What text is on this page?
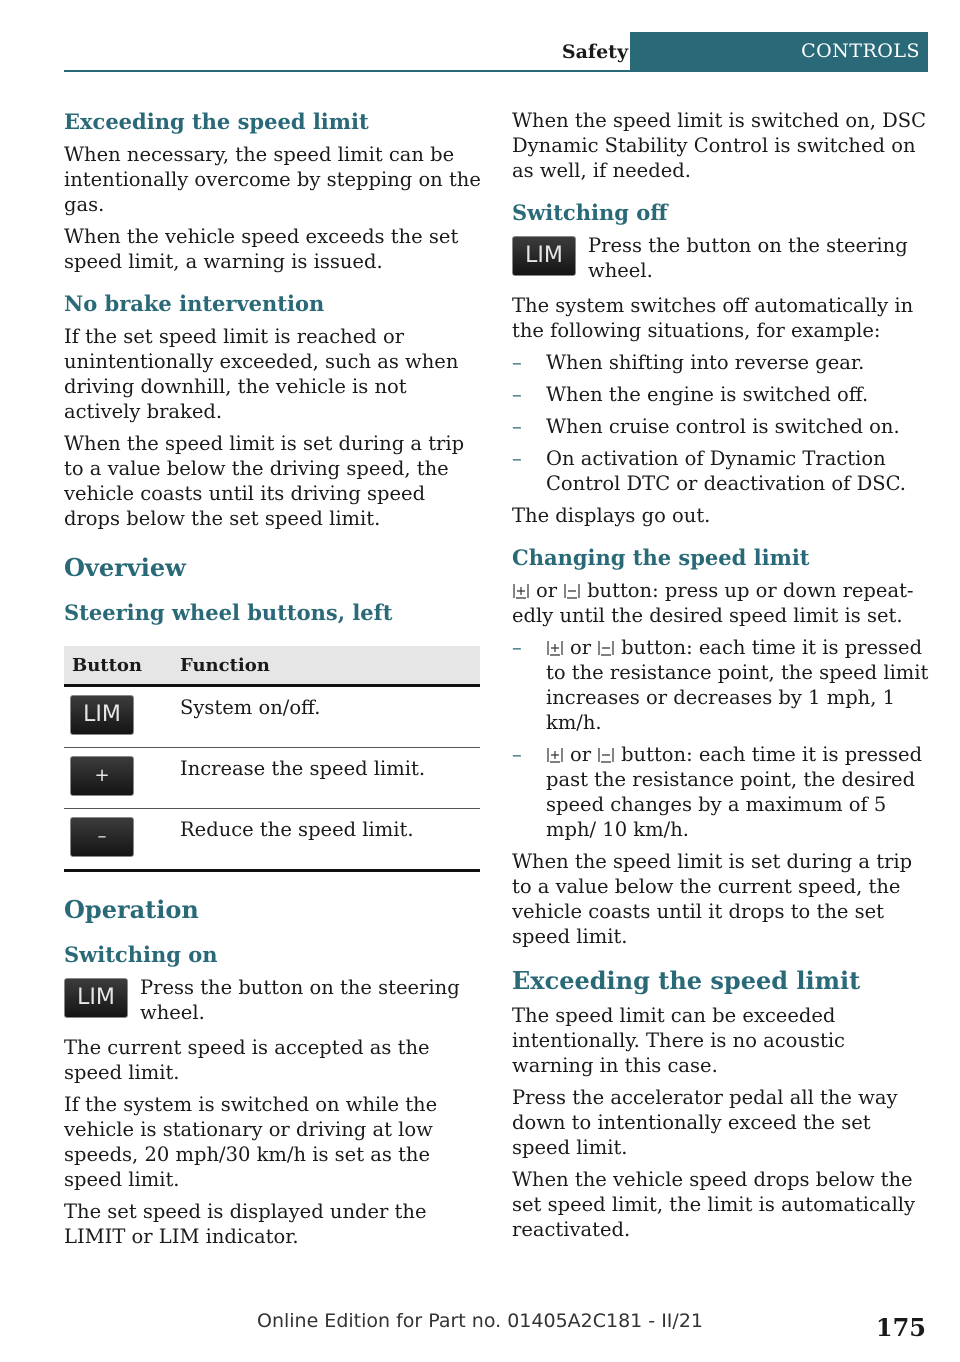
Safety	CONTROLS
Exceeding the speed limit

When necessary, the speed limit can be intentionally overcome by stepping on the gas.

When the vehicle speed exceeds the set speed limit, a warning is issued.

No brake intervention

If the set speed limit is reached or unintentionally exceeded, such as when driving downhill, the vehicle is not actively braked.

When the speed limit is set during a trip to a value below the driving speed, the vehicle coasts until its driving speed drops below the set speed limit.

Overview
Steering wheel buttons, left
Button	Function
LIM	System on/off.
+	Increase the speed limit.
–	Reduce the speed limit.
Operation
Switching on
LIM	Press the button on the steering wheel.

The current speed is accepted as the speed limit.

If the system is switched on while the vehicle is stationary or driving at low speeds, 20 mph/30 km/h is set as the speed limit.

The set speed is displayed under the LIMIT or LIM indicator.

When the speed limit is switched on, DSC Dynamic Stability Control is switched on as well, if needed.

Switching off
LIM	Press the button on the steering wheel.

The system switches off automatically in the following situations, for example:

– When shifting into reverse gear.
– When the engine is switched off.
– When cruise control is switched on.
– On activation of Dynamic Traction Control DTC or deactivation of DSC.

The displays go out.

Changing the speed limit

or button: press up or down repeatedly until the desired speed limit is set.

– or button: each time it is pressed to the resistance point, the speed limit increases or decreases by 1 mph, 1 km/h.
– or button: each time it is pressed past the resistance point, the desired speed changes by a maximum of 5 mph/ 10 km/h.

When the speed limit is set during a trip to a value below the current speed, the vehicle coasts until it drops to the set speed limit.

Exceeding the speed limit

The speed limit can be exceeded intentionally. There is no acoustic warning in this case.

Press the accelerator pedal all the way down to intentionally exceed the set speed limit.

When the vehicle speed drops below the set speed limit, the limit is automatically reactivated.

Online Edition for Part no. 01405A2C181 - II/21	175
